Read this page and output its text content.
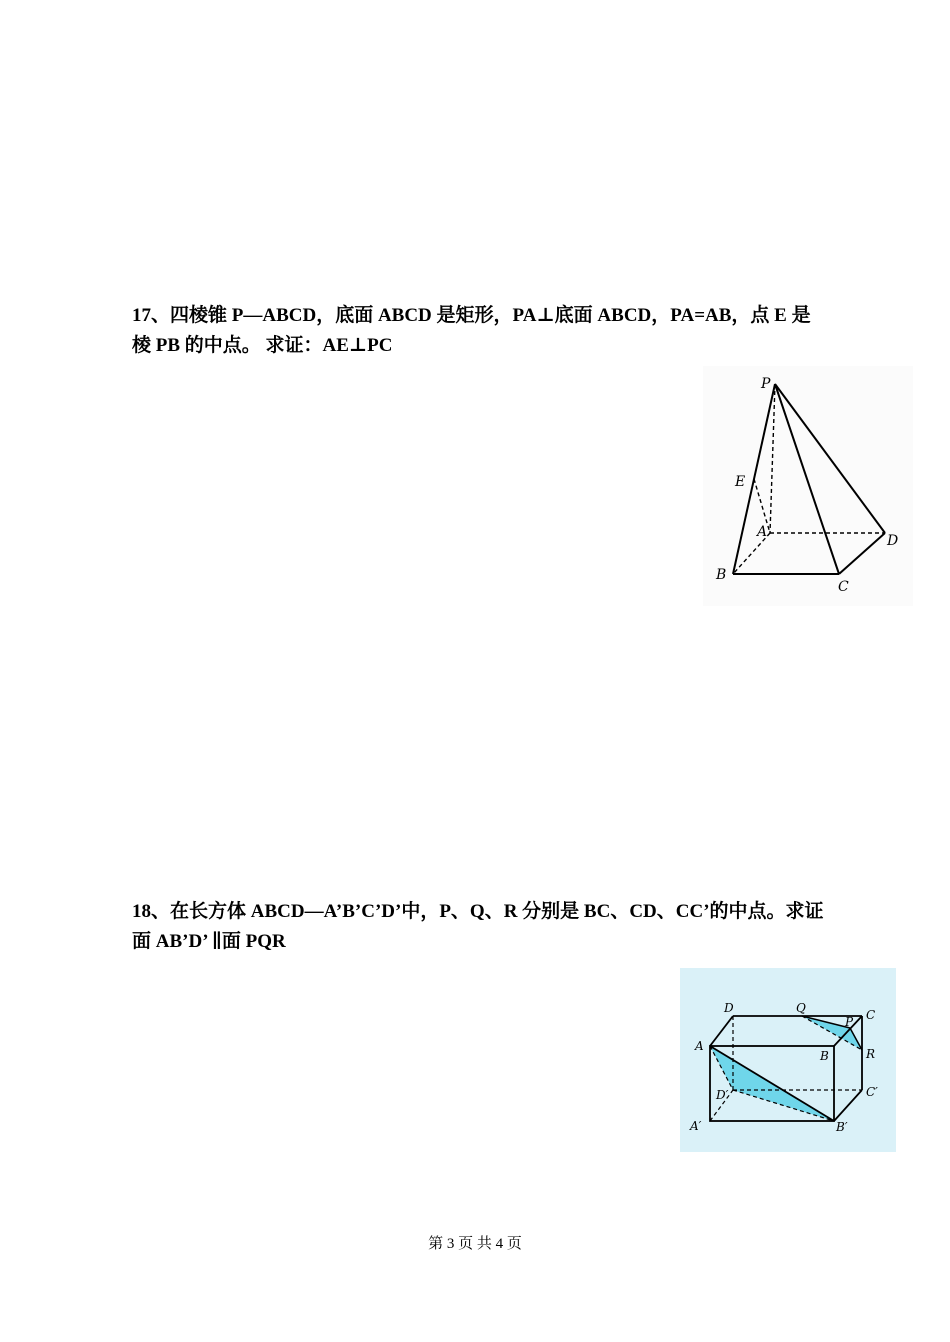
17、四棱锥 P—ABCD，底面 ABCD 是矩形，PA⊥底面 ABCD，PA=AB，点 E 是
棱 PB 的中点。 求证：AE⊥PC
P
E
A
B
C
D
18、在长方体 ABCD—A’B’C’D’中，P、Q、R 分别是 BC、CD、CC’的中点。求证
面 AB’D’ ∥面 PQR
D	Q	C
P
A
B	R
D′	C′
A′	B′
第 3 页 共 4 页
